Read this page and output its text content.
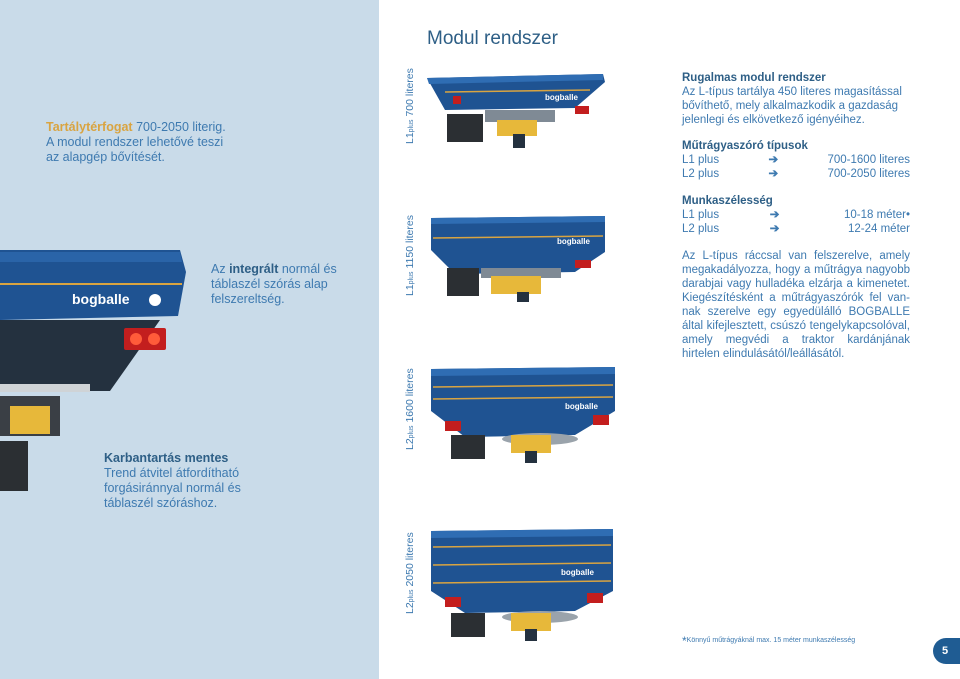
Tartálytérfogat 700-2050 literig. A modul rendszer lehetővé teszi az alapgép bővítését.
Az integrált normál és táblaszél szórás alap felszereltség.
Karbantartás mentes
Trend átvitel átfordítható forgásiránnyal normál és táblaszél szóráshoz.
bogballe
Modul rendszer
L1plus 700 literes
L1plus 1150 literes
L2plus 1600 literes
L2plus 2050 literes
bogballe
bogballe
bogballe
bogballe
Rugalmas modul rendszer
Az L-típus tartálya 450 literes magasítással bővíthető, mely alkalmazkodik a gazdaság jelenlegi és elkövetkező igényéihez.
Műtrágyaszóró típusok
L1 plus	➔	700-1600 literes
L2 plus	➔	700-2050 literes
Munkaszélesség
L1 plus	➔	10-18 méter•
L2 plus	➔	12-24 méter
Az L-típus ráccsal van felszerelve, amely megakadályozza, hogy a műtrágya nagyobb darabjai vagy hulladéka elzárja a kimenetet. Kiegészítésként a műtrágyaszórók fel van-nak szerelve egy egyedülálló BOGBALLE által kifejlesztett, csúszó tengelykapcsolóval, amely megvédi a traktor kardánjának hirtelen elindulásától/leállásától.
*Könnyű műtrágyáknál max. 15 méter munkaszélesség
5
